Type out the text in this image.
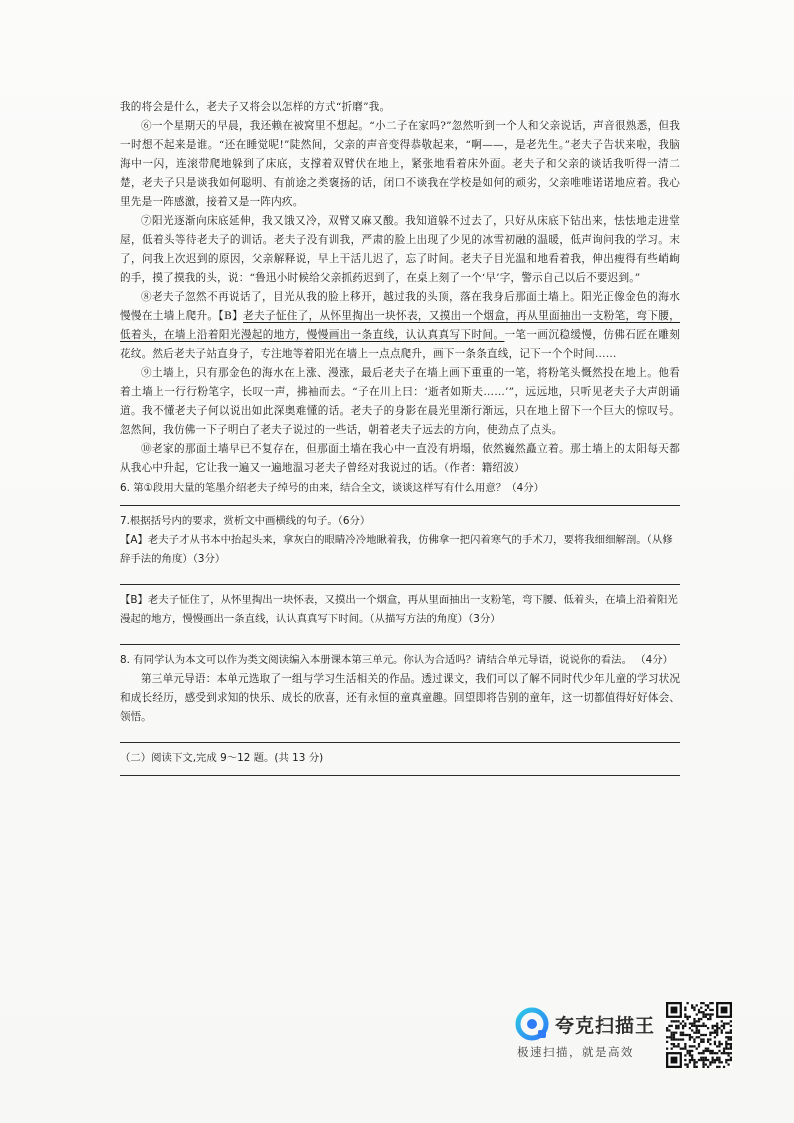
我的将会是什么，老夫子又将会以怎样的方式“折磨”我。

⑥一个星期天的早晨，我还赖在被窝里不想起。“小二子在家吗?”忽然听到一个人和父亲说话，声音很熟悉，但我一时想不起来是谁。“还在睡觉呢!”陡然间，父亲的声音变得恭敬起来，“啊——，是老先生。”老夫子告状来啦，我脑海中一闪，连滚带爬地躲到了床底，支撑着双臂伏在地上，紧张地看着床外面。老夫子和父亲的谈话我听得一清二楚，老夫子只是谈我如何聪明、有前途之类褒扬的话，闭口不谈我在学校是如何的顽劣，父亲唯唯诺诺地应着。我心里先是一阵感激，接着又是一阵内疚。

⑦阳光逐渐向床底延伸，我又饿又冷，双臂又麻又酸。我知道躲不过去了，只好从床底下钻出来，怯怯地走进堂屋，低着头等待老夫子的训话。老夫子没有训我，严肃的脸上出现了少见的冰雪初融的温暖，低声询问我的学习。末了，问我上次迟到的原因，父亲解释说，早上干活儿迟了，忘了时间。老夫子目光温和地看着我，伸出瘦得有些峭峋的手，摸了摸我的头，说：“鲁迅小时候给父亲抓药迟到了，在桌上刻了一个‘早’字，警示自己以后不要迟到。”

⑧老夫子忽然不再说话了，目光从我的脸上移开，越过我的头顶，落在我身后那面土墙上。阳光正像金色的海水慢慢在土墙上爬升。【B】老夫子怔住了，从怀里掏出一块怀表，又摸出一个烟盒，再从里面抽出一支粉笔，弯下腰，低着头，在墙上沿着阳光漫起的地方，慢慢画出一条直线，认认真真写下时间。一笔一画沉稳缓慢，仿佛石匠在雕刻花纹。然后老夫子站直身子，专注地等着阳光在墙上一点点爬升，画下一条条直线，记下一个个时间……

⑨土墙上，只有那金色的海水在上涨、漫涨，最后老夫子在墙上画下重重的一笔，将粉笔头慨然投在地上。他看着土墙上一行行粉笔字，长叹一声，拂袖而去。“子在川上曰：‘逝者如斯夫……’”，远远地，只听见老夫子大声朗诵道。我不懂老夫子何以说出如此深奥难懂的话。老夫子的身影在晨光里渐行渐远，只在地上留下一个巨大的惊叹号。忽然间，我仿佛一下子明白了老夫子说过的一些话，朝着老夫子远去的方向，使劲点了点头。

⑩老家的那面土墙早已不复存在，但那面土墙在我心中一直没有坍塌，依然巍然矗立着。那土墙上的太阳每天都从我心中升起，它让我一遍又一遍地温习老夫子曾经对我说过的话。（作者：籍绍波）

6. 第①段用大量的笔墨介绍老夫子绰号的由来，结合全文，谈谈这样写有什么用意？（4分）

7.根据括号内的要求，赏析文中画横线的句子。（6分）

【A】老夫子才从书本中抬起头来，拿灰白的眼睛冷冷地瞅着我，仿佛拿一把闪着寒气的手术刀，要将我细细解剖。（从修辞手法的角度）（3分）

【B】老夫子怔住了，从怀里掏出一块怀表，又摸出一个烟盒，再从里面抽出一支粉笔，弯下腰、低着头，在墙上沿着阳光漫起的地方，慢慢画出一条直线，认认真真写下时间。（从描写方法的角度）（3分）

8. 有同学认为本文可以作为类文阅读编入本册课本第三单元。你认为合适吗？请结合单元导语，说说你的看法。 （4分）

第三单元导语：本单元选取了一组与学习生活相关的作品。透过课文，我们可以了解不同时代少年儿童的学习状况和成长经历，感受到求知的快乐、成长的欣喜，还有永恒的童真童趣。回望即将告别的童年，这一切都值得好好体会、领悟。

（二）阅读下文,完成 9～12 题。(共 13 分)

夸克扫描王
极速扫描，就是高效
